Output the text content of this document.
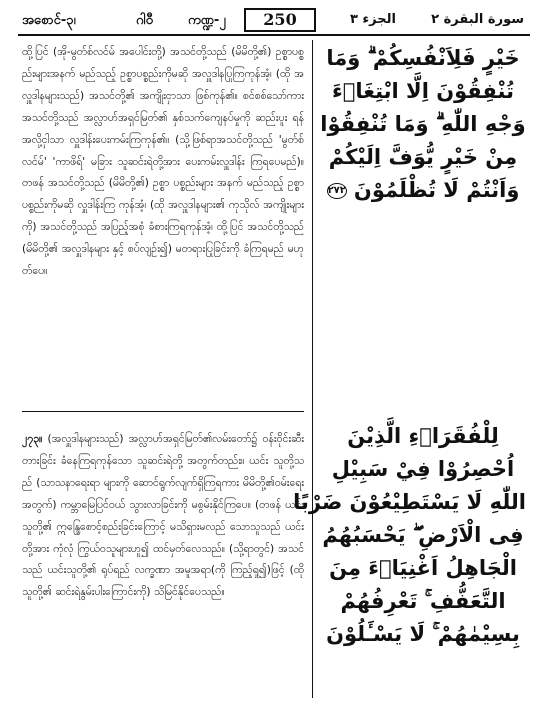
အစောင်-၃၊	ဂါဝီ	ကဏ္ဍ-၂	250	الجزء ٣	سورة البقرة ٢

ထို့ပြင် (အို-မွတ်စ်လင်မ် အပေါင်းတို့) အသင်တို့သည် (မိမိတို့၏) ဥစ္စာပစ္စည်းများအနက် မည်သည့် ဥစ္စာပစ္စည်းကိုမဆို အလှူဒါနပြုကြကုန်အံ့၊ (ထို အလှူဒါနများသည်) အသင်တို့၏ အကျိုးငှာသာ ဖြစ်ကုန်၏။ စင်စစ်သော်ကား အသင်တို့သည် အလ္လာဟ်အရှင်မြတ်၏ နှစ်သက်ကျေနပ်မှုကို ဆည်းပူး ရန်အလို့ငှါသာ လှူဒါန်းပေးကမ်းကြကုန်၏။ (သို့ဖြစ်ရာအသင်တို့သည် 'မွတ်စ်လင်မ်' 'ကာဖိရ်' မခြား သူဆင်းရဲတို့အား ပေးကမ်းလှူဒါန်း ကြရပေမည်)။ တဖန် အသင်တို့သည် (မိမိတို့၏) ဥစ္စာ ပစ္စည်းများ အနက် မည်သည့် ဥစ္စာပစ္စည်းကိုမဆို လှူဒါန်းကြ ကုန်အံ့၊ (ထို အလှူဒါနများ၏ ကုသိုလ် အကျိုးများ ကို) အသင်တို့သည် အပြည့်အစုံ ခံစားကြရကုန်အံ့၊ ထို့ပြင် အသင်တို့သည် (မိမိတို့၏ အလှူဒါနများ နှင့် စပ်လျဉ်း၍) မတရားပြုခြင်းကို ခံကြရမည် မဟုတ်ပေ။

၂၇၃။ (အလှူဒါနများသည်) အလ္လာဟ်အရှင်မြတ်၏လမ်းတော်၌ ဝန်းဝိုင်းဆီးတားခြင်း ခံနေကြရကုန်သော သူဆင်းရဲတို့ အတွက်တည်း။ ယင်း သူတို့သည် (သာသနာရေးရာ များကို ဆောင်ရွက်လျက်ရှိကြရကား မိမိတို့၏ဝမ်းရေးအတွက်) ကမ္ဘာမြေပြင်ဝယ် သွားလာခြင်းကို မစွမ်းနိုင်ကြပေ။ (တဖန် ယင်းသူတို့၏ ဣန္ဒြေစောင့်စည်းခြင်းကြောင့် မသိရှားမလည် သောသူသည် ယင်းတို့အား ကုံလုံ ကြွယ်ဝသူများဟူ၍ ထင်မှတ်လေသည်။ (သို့ရာတွင်) အသင်သည် ယင်းသူတို့၏ ရုပ်ရည် လက္ခဏာ အမူအရာ(ကို ကြည့်ရှု၍)ဖြင့် (ထိုသူတို့၏ ဆင်းရဲနွမ်းပါးကြောင်းကို) သိမြင်နိုင်ပေသည်။

خَيْرٍ فَلِاَنْفُسِكُمْ ۗ وَمَا
تُنْفِقُوْنَ اِلَّا ابْتِغَاۤءَ
وَجْهِ اللّٰهِ ۗ وَمَا تُنْفِقُوْا
مِنْ خَيْرٍ يُّوَفَّ اِلَيْكُمْ
وَاَنْتُمْ لَا تُظْلَمُوْنَ ٢٧٢
لِلْفُقَرَاۤءِ الَّذِيْنَ
اُحْصِرُوْا فِيْ سَبِيْلِ
اللّٰهِ لَا يَسْتَطِيْعُوْنَ ضَرْبًا
فِى الْاَرْضِ ۖ يَحْسَبُهُمُ
الْجَاهِلُ اَغْنِيَاۤءَ مِنَ
التَّعَفُّفِ ۚ تَعْرِفُهُمْ
بِسِيْمٰهُمْ ۚ لَا يَسْـَٔلُوْنَ
